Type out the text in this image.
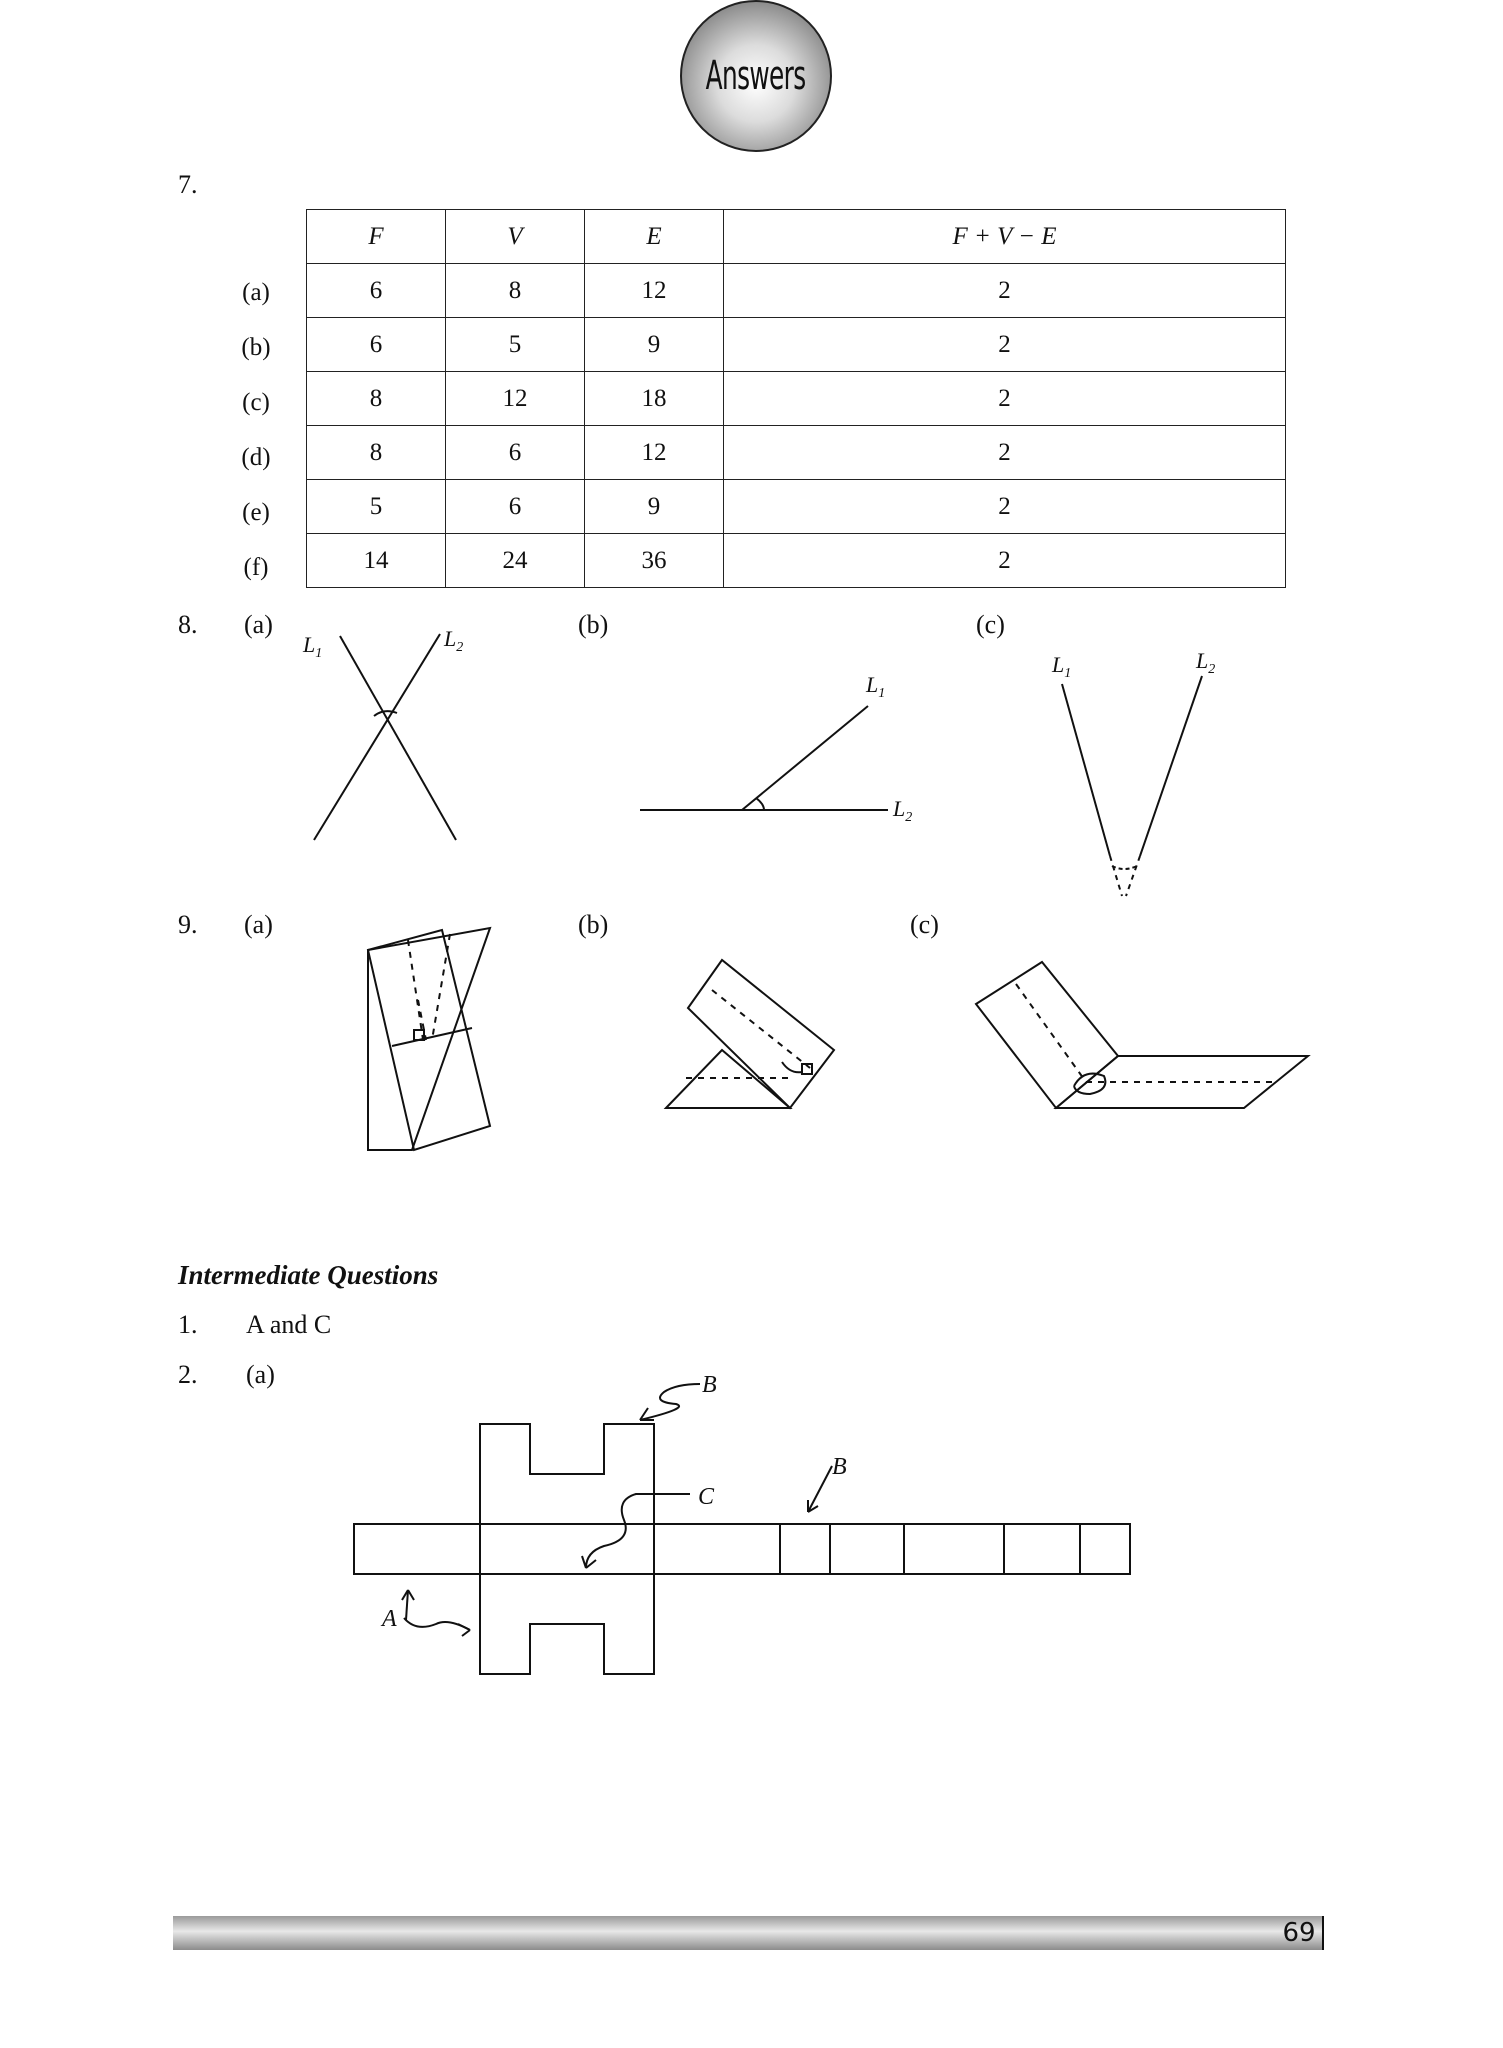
Answers
7.
(a)
(b)
(c)
(d)
(e)
(f)
F	V	E	F + V − E
6	8	12	2
6	5	9	2
8	12	18	2
8	6	12	2
5	6	9	2
14	24	36	2
8. (a)	(b)	(c)
$L_1$
$L_2$
$L_1$
$L_2$
$L_1$
$L_2$
9. (a)	(b)	(c)
Intermediate Questions
1. A and C
2. (a)	B
C
B
A
69
